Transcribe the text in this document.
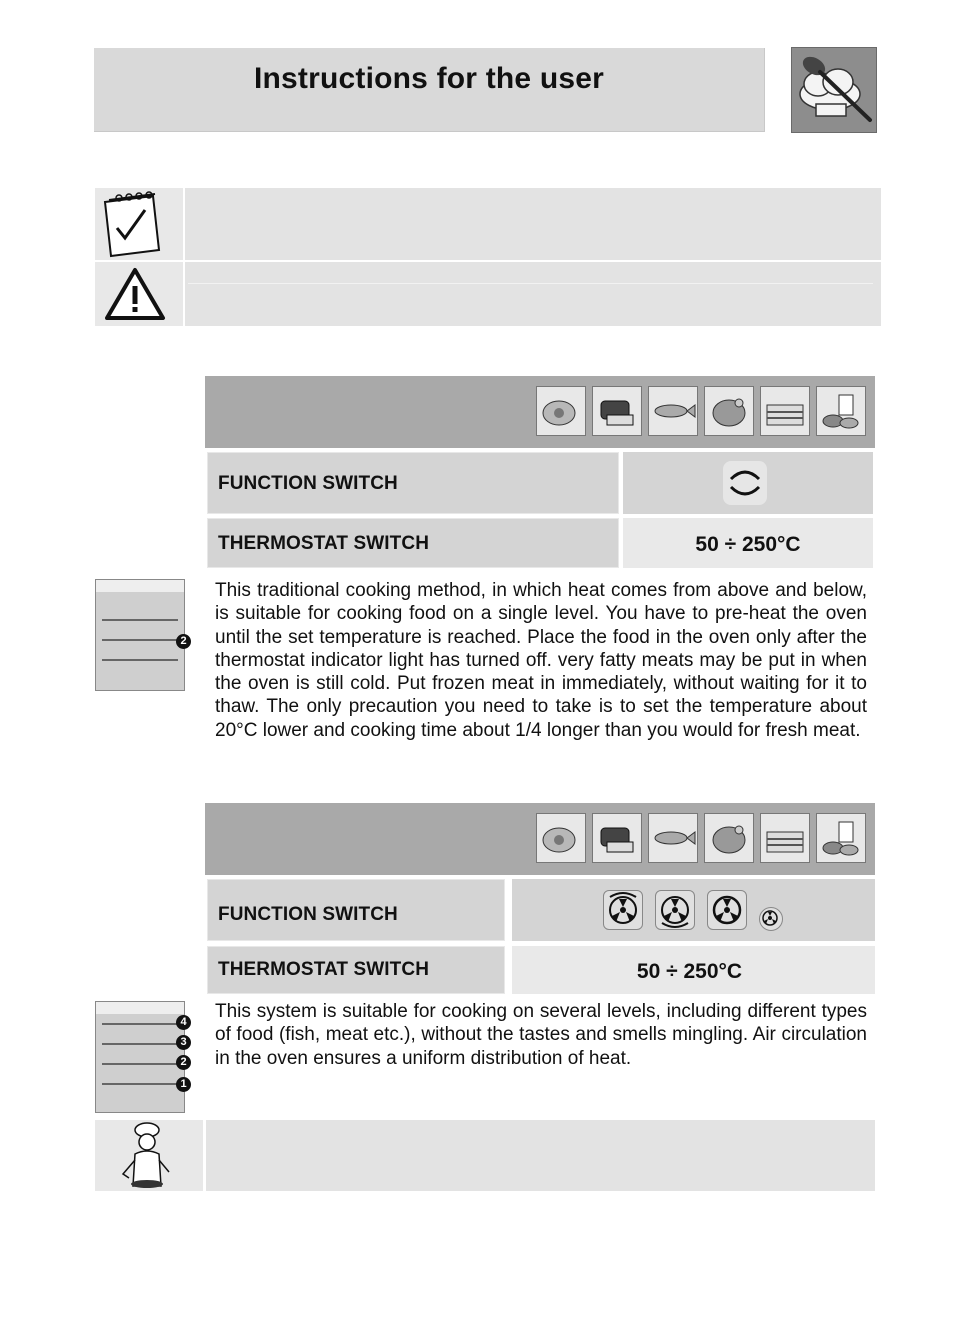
Instructions for the user
FUNCTION SWITCH
THERMOSTAT SWITCH	50 ÷ 250°C
2
This traditional cooking method, in which heat comes from above and below, is suitable for cooking food on a single level. You have to pre-heat the oven until the set temperature is reached. Place the food in the oven only after the thermostat indicator light has turned off. very fatty meats may be put in when the oven is still cold. Put frozen meat in immediately, without waiting for it to thaw. The only precaution you need to take is to set the temperature about 20°C lower and cooking time about 1/4 longer than you would for fresh meat.
FUNCTION SWITCH
THERMOSTAT SWITCH	50 ÷ 250°C
4
3
2
1
This system is suitable for cooking on several levels, including different types of food (fish, meat etc.), without the tastes and smells mingling. Air circulation in the oven ensures a uniform distribution of heat.
